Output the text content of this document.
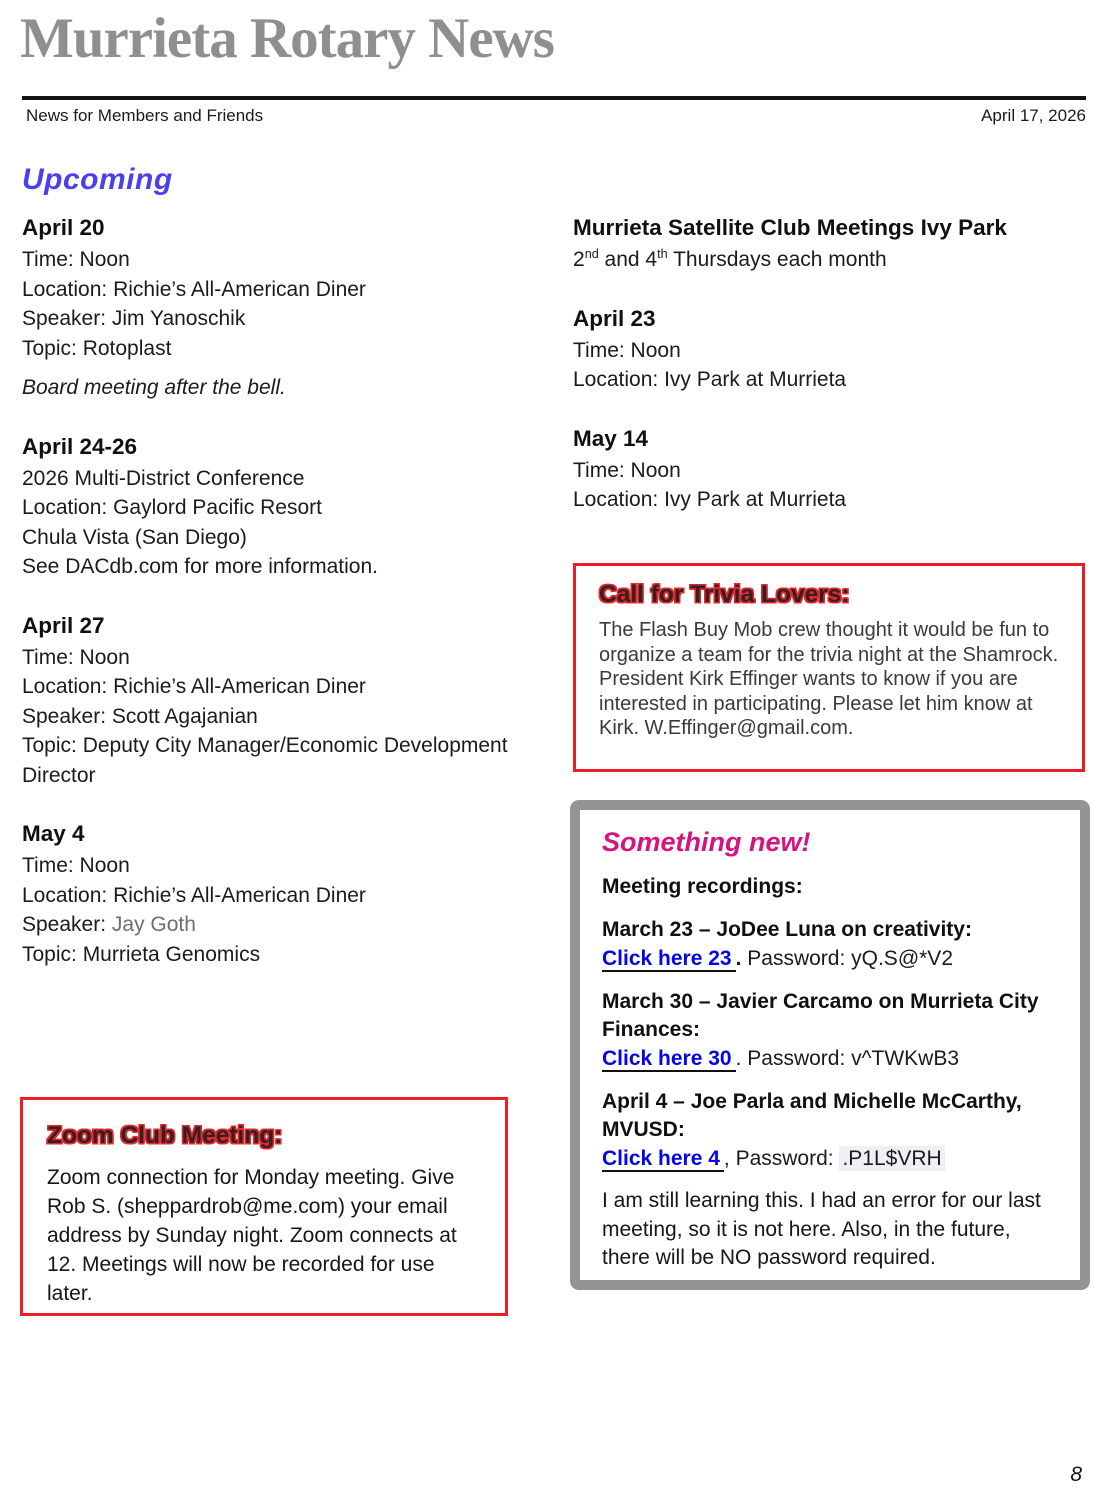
Murrieta Rotary News
News for Members and Friends	April 17, 2026
Upcoming
April 20

Time: Noon

Location: Richie’s All-American Diner

Speaker: Jim Yanoschik

Topic: Rotoplast

Board meeting after the bell.

April 24-26

2026 Multi-District Conference

Location: Gaylord Pacific Resort

Chula Vista (San Diego)

See DACdb.com for more information.

April 27

Time: Noon

Location: Richie’s All-American Diner

Speaker: Scott Agajanian

Topic: Deputy City Manager/Economic Development Director

May 4

Time: Noon

Location: Richie’s All-American Diner

Speaker: Jay Goth

Topic: Murrieta Genomics

Murrieta Satellite Club Meetings Ivy Park

2nd and 4th Thursdays each month

April 23

Time: Noon

Location: Ivy Park at Murrieta

May 14

Time: Noon

Location: Ivy Park at Murrieta

Zoom Club Meeting:

Zoom connection for Monday meeting. Give Rob S. (sheppardrob@me.com) your email address by Sunday night. Zoom connects at 12. Meetings will now be recorded for use later.

Call for Trivia Lovers:

The Flash Buy Mob crew thought it would be fun to organize a team for the trivia night at the Shamrock. President Kirk Effinger wants to know if you are interested in participating. Please let him know at Kirk. W.Effinger@gmail.com.

Something new!

Meeting recordings:

March 23 – JoDee Luna on creativity:

Click here 23 . Password: yQ.S@*V2

March 30 – Javier Carcamo on Murrieta City Finances:

Click here 30 . Password: v^TWKwB3

April 4 – Joe Parla and Michelle McCarthy, MVUSD:

Click here 4 , Password: .P1L$VRH

I am still learning this. I had an error for our last meeting, so it is not here. Also, in the future, there will be NO password required.

8
